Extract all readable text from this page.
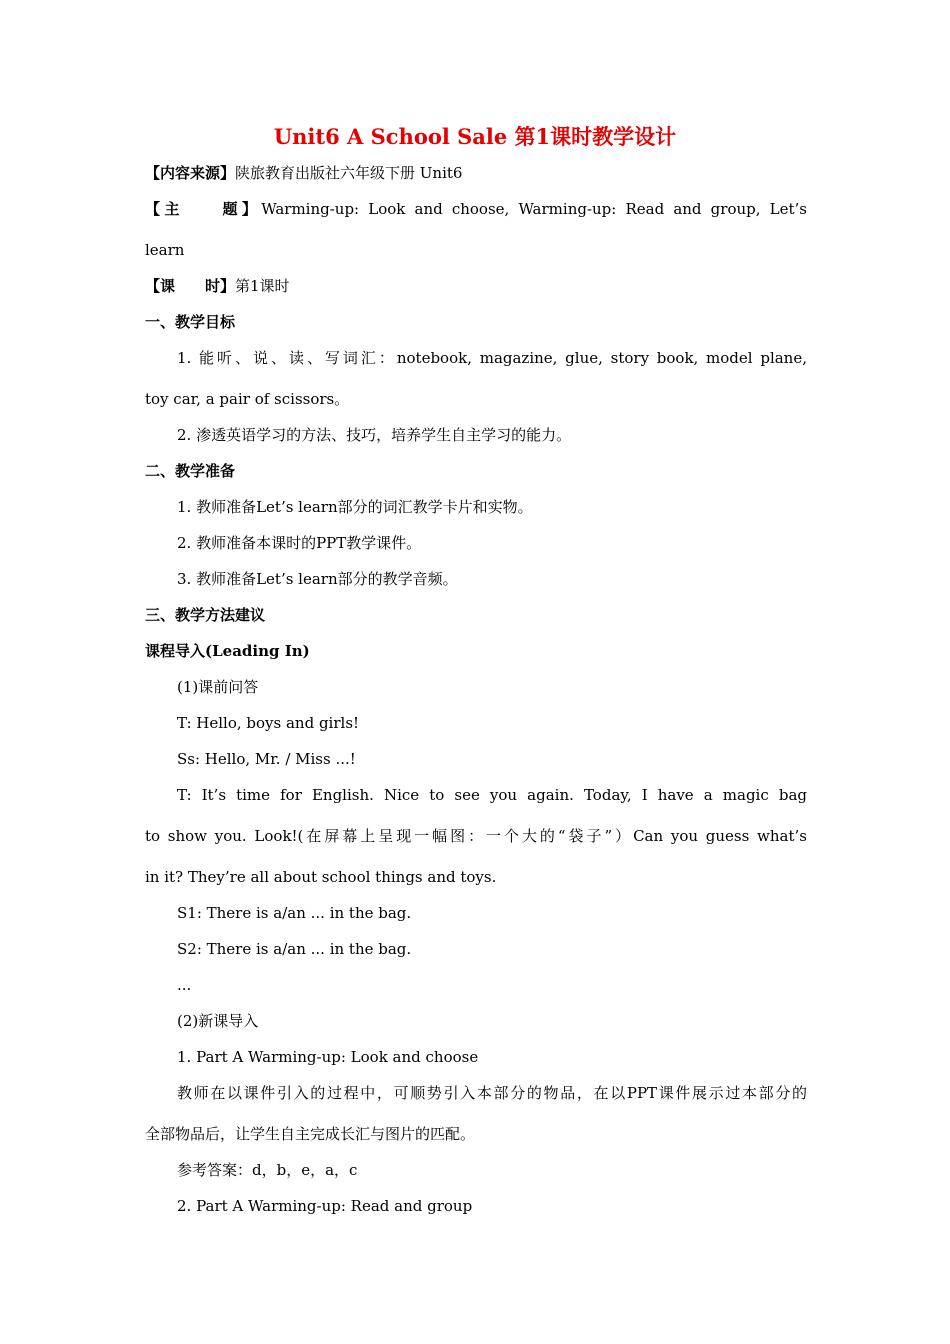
Unit6 A School Sale 第1课时教学设计
【内容来源】陕旅教育出版社六年级下册 Unit6
【主　　题】Warming-up: Look and choose, Warming-up: Read and group, Let’s
learn
【课　　时】第1课时
一、教学目标
1. 能听、说、读、写词汇：notebook, magazine, glue, story book, model plane,
toy car, a pair of scissors。
2. 渗透英语学习的方法、技巧，培养学生自主学习的能力。
二、教学准备
1. 教师准备Let’s learn部分的词汇教学卡片和实物。
2. 教师准备本课时的PPT教学课件。
3. 教师准备Let’s learn部分的教学音频。
三、教学方法建议
课程导入(Leading In)
(1)课前问答
T: Hello, boys and girls!
Ss: Hello, Mr. / Miss ...!
T: It’s time for English. Nice to see you again. Today, I have a magic bag
to show you. Look!(在屏幕上呈现一幅图：一个大的“袋子”）Can you guess what’s
in it? They’re all about school things and toys.
S1: There is a/an ... in the bag.
S2: There is a/an ... in the bag.
...
(2)新课导入
1. Part A Warming-up: Look and choose
教师在以课件引入的过程中，可顺势引入本部分的物品，在以PPT课件展示过本部分的
全部物品后，让学生自主完成长汇与图片的匹配。
参考答案：d，b，e，a，c
2. Part A Warming-up: Read and group
